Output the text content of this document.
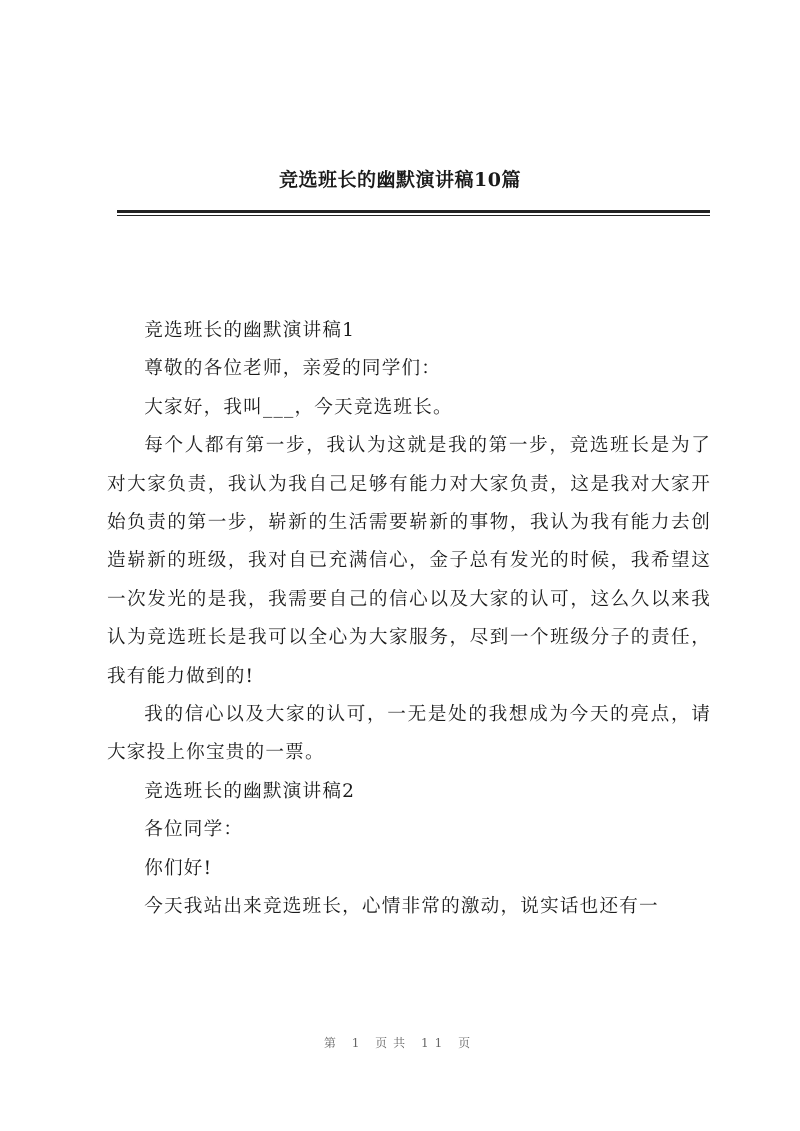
竞选班长的幽默演讲稿10篇

竞选班长的幽默演讲稿1

尊敬的各位老师，亲爱的同学们：

大家好，我叫___，今天竞选班长。

每个人都有第一步，我认为这就是我的第一步，竞选班长是为了对大家负责，我认为我自己足够有能力对大家负责，这是我对大家开始负责的第一步，崭新的生活需要崭新的事物，我认为我有能力去创造崭新的班级，我对自已充满信心，金子总有发光的时候，我希望这一次发光的是我，我需要自己的信心以及大家的认可，这么久以来我认为竞选班长是我可以全心为大家服务，尽到一个班级分子的责任，我有能力做到的!

我的信心以及大家的认可，一无是处的我想成为今天的亮点，请大家投上你宝贵的一票。

竞选班长的幽默演讲稿2

各位同学：

你们好!

今天我站出来竞选班长，心情非常的激动，说实话也还有一

第 1 页共 11 页
